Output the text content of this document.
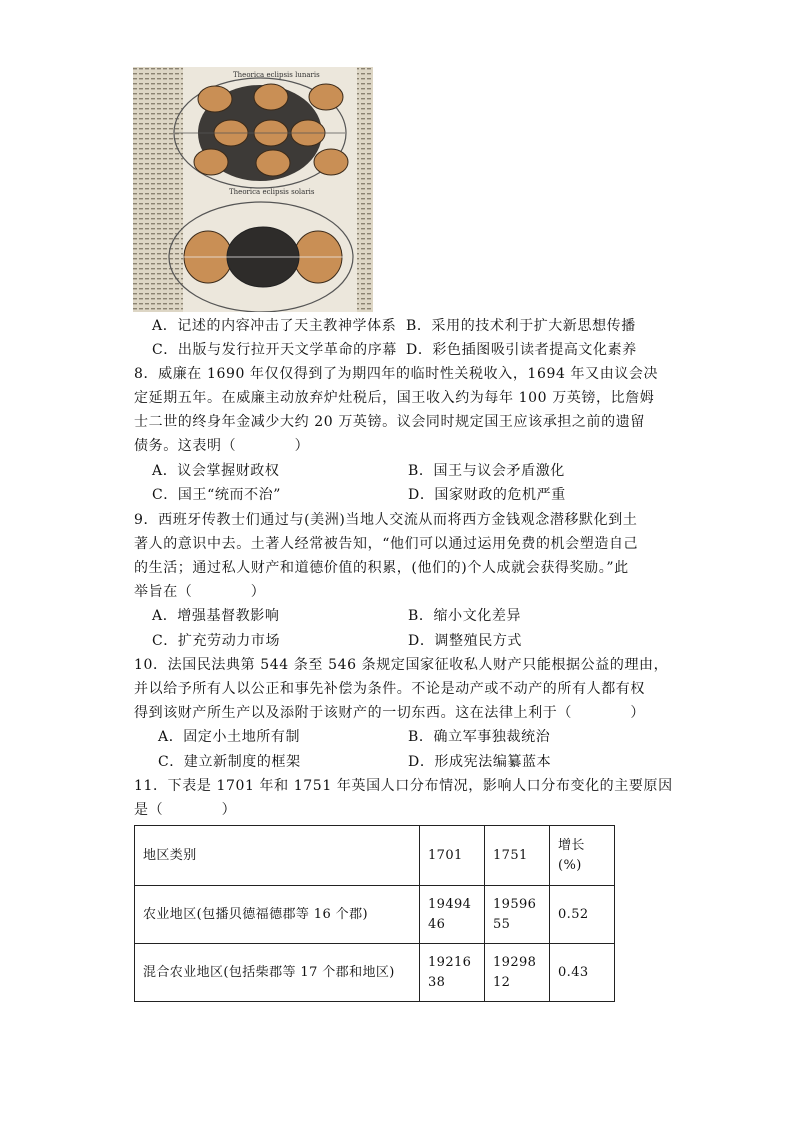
Theorica eclipsis lunaris
Theorica eclipsis solaris
A．记述的内容冲击了天主教神学体系 B．采用的技术利于扩大新思想传播
C．出版与发行拉开天文学革命的序幕 D．彩色插图吸引读者提高文化素养
8．威廉在 1690 年仅仅得到了为期四年的临时性关税收入，1694 年又由议会决
定延期五年。在威廉主动放弃炉灶税后，国王收入约为每年 100 万英镑，比詹姆
士二世的终身年金减少大约 20 万英镑。议会同时规定国王应该承担之前的遗留
债务。这表明（　　　　）
A．议会掌握财政权	B．国王与议会矛盾激化
C．国王“统而不治”	D．国家财政的危机严重
9．西班牙传教士们通过与(美洲)当地人交流从而将西方金钱观念潜移默化到土
著人的意识中去。土著人经常被告知，“他们可以通过运用免费的机会塑造自己
的生活；通过私人财产和道德价值的积累，(他们的)个人成就会获得奖励。”此
举旨在（　　　　）
A．增强基督教影响	B．缩小文化差异
C．扩充劳动力市场	D．调整殖民方式
10．法国民法典第 544 条至 546 条规定国家征收私人财产只能根据公益的理由，
并以给予所有人以公正和事先补偿为条件。不论是动产或不动产的所有人都有权
得到该财产所生产以及添附于该财产的一切东西。这在法律上利于（　　　　）
A．固定小土地所有制	B．确立军事独裁统治
C．建立新制度的框架	D．形成宪法编纂蓝本
11．下表是 1701 年和 1751 年英国人口分布情况，影响人口分布变化的主要原因
是（　　　　）
地区类别	1701	1751	增长(%)
农业地区(包播贝德福德郡等 16 个郡)	1949446	1959655	0.52
混合农业地区(包括柴郡等 17 个郡和地区)	1921638	1929812	0.43
